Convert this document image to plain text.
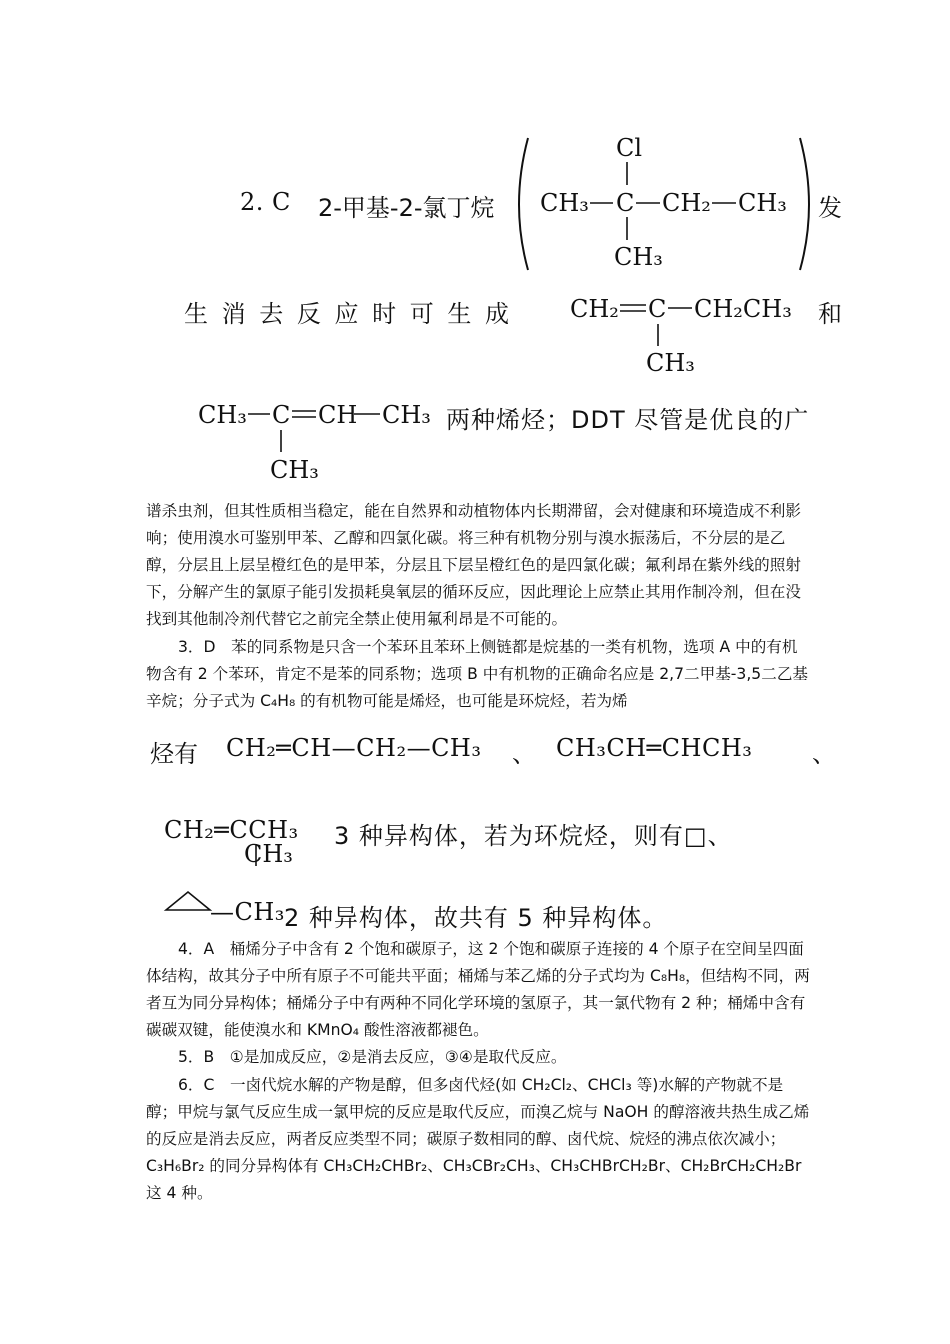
Cl
CH₃ C CH₂ CH₃
CH₃
CH₂ C CH₂CH₃
CH₃
CH₃ C CH CH₃
CH₃
2. C 2-甲基-2-氯丁烷	发
生 消 去 反 应 时 可 生 成	和
两种烯烃；DDT 尽管是优良的广

谱杀虫剂，但其性质相当稳定，能在自然界和动植物体内长期滞留，会对健康和环境造成不利影响；使用溴水可鉴别甲苯、乙醇和四氯化碳。将三种有机物分别与溴水振荡后，不分层的是乙醇，分层且上层呈橙红色的是甲苯，分层且下层呈橙红色的是四氯化碳；氟利昂在紫外线的照射下，分解产生的氯原子能引发损耗臭氧层的循环反应，因此理论上应禁止其用作制冷剂，但在没找到其他制冷剂代替它之前完全禁止使用氟利昂是不可能的。

3．D　苯的同系物是只含一个苯环且苯环上侧链都是烷基的一类有机物，选项 A 中的有机物含有 2 个苯环，肯定不是苯的同系物；选项 B 中有机物的正确命名应是 2,7二甲基-3,5二乙基辛烷；分子式为 C₄H₈ 的有机物可能是烯烃，也可能是环烷烃，若为烯

烃有 CH₂═CH—CH₂—CH₃ 、 CH₃CH═CHCH₃ 、
CH₂═CCH₃ 3 种异构体，若为环烷烃，则有□、
CH₃
—CH₃ 2 种异构体，故共有 5 种异构体。

4．A　桶烯分子中含有 2 个饱和碳原子，这 2 个饱和碳原子连接的 4 个原子在空间呈四面体结构，故其分子中所有原子不可能共平面；桶烯与苯乙烯的分子式均为 C₈H₈，但结构不同，两者互为同分异构体；桶烯分子中有两种不同化学环境的氢原子，其一氯代物有 2 种；桶烯中含有碳碳双键，能使溴水和 KMnO₄ 酸性溶液都褪色。

5．B　①是加成反应，②是消去反应，③④是取代反应。

6．C　一卤代烷水解的产物是醇，但多卤代烃(如 CH₂Cl₂、CHCl₃ 等)水解的产物就不是醇；甲烷与氯气反应生成一氯甲烷的反应是取代反应，而溴乙烷与 NaOH 的醇溶液共热生成乙烯的反应是消去反应，两者反应类型不同；碳原子数相同的醇、卤代烷、烷烃的沸点依次减小；C₃H₆Br₂ 的同分异构体有 CH₃CH₂CHBr₂、CH₃CBr₂CH₃、CH₃CHBrCH₂Br、CH₂BrCH₂CH₂Br 这 4 种。
